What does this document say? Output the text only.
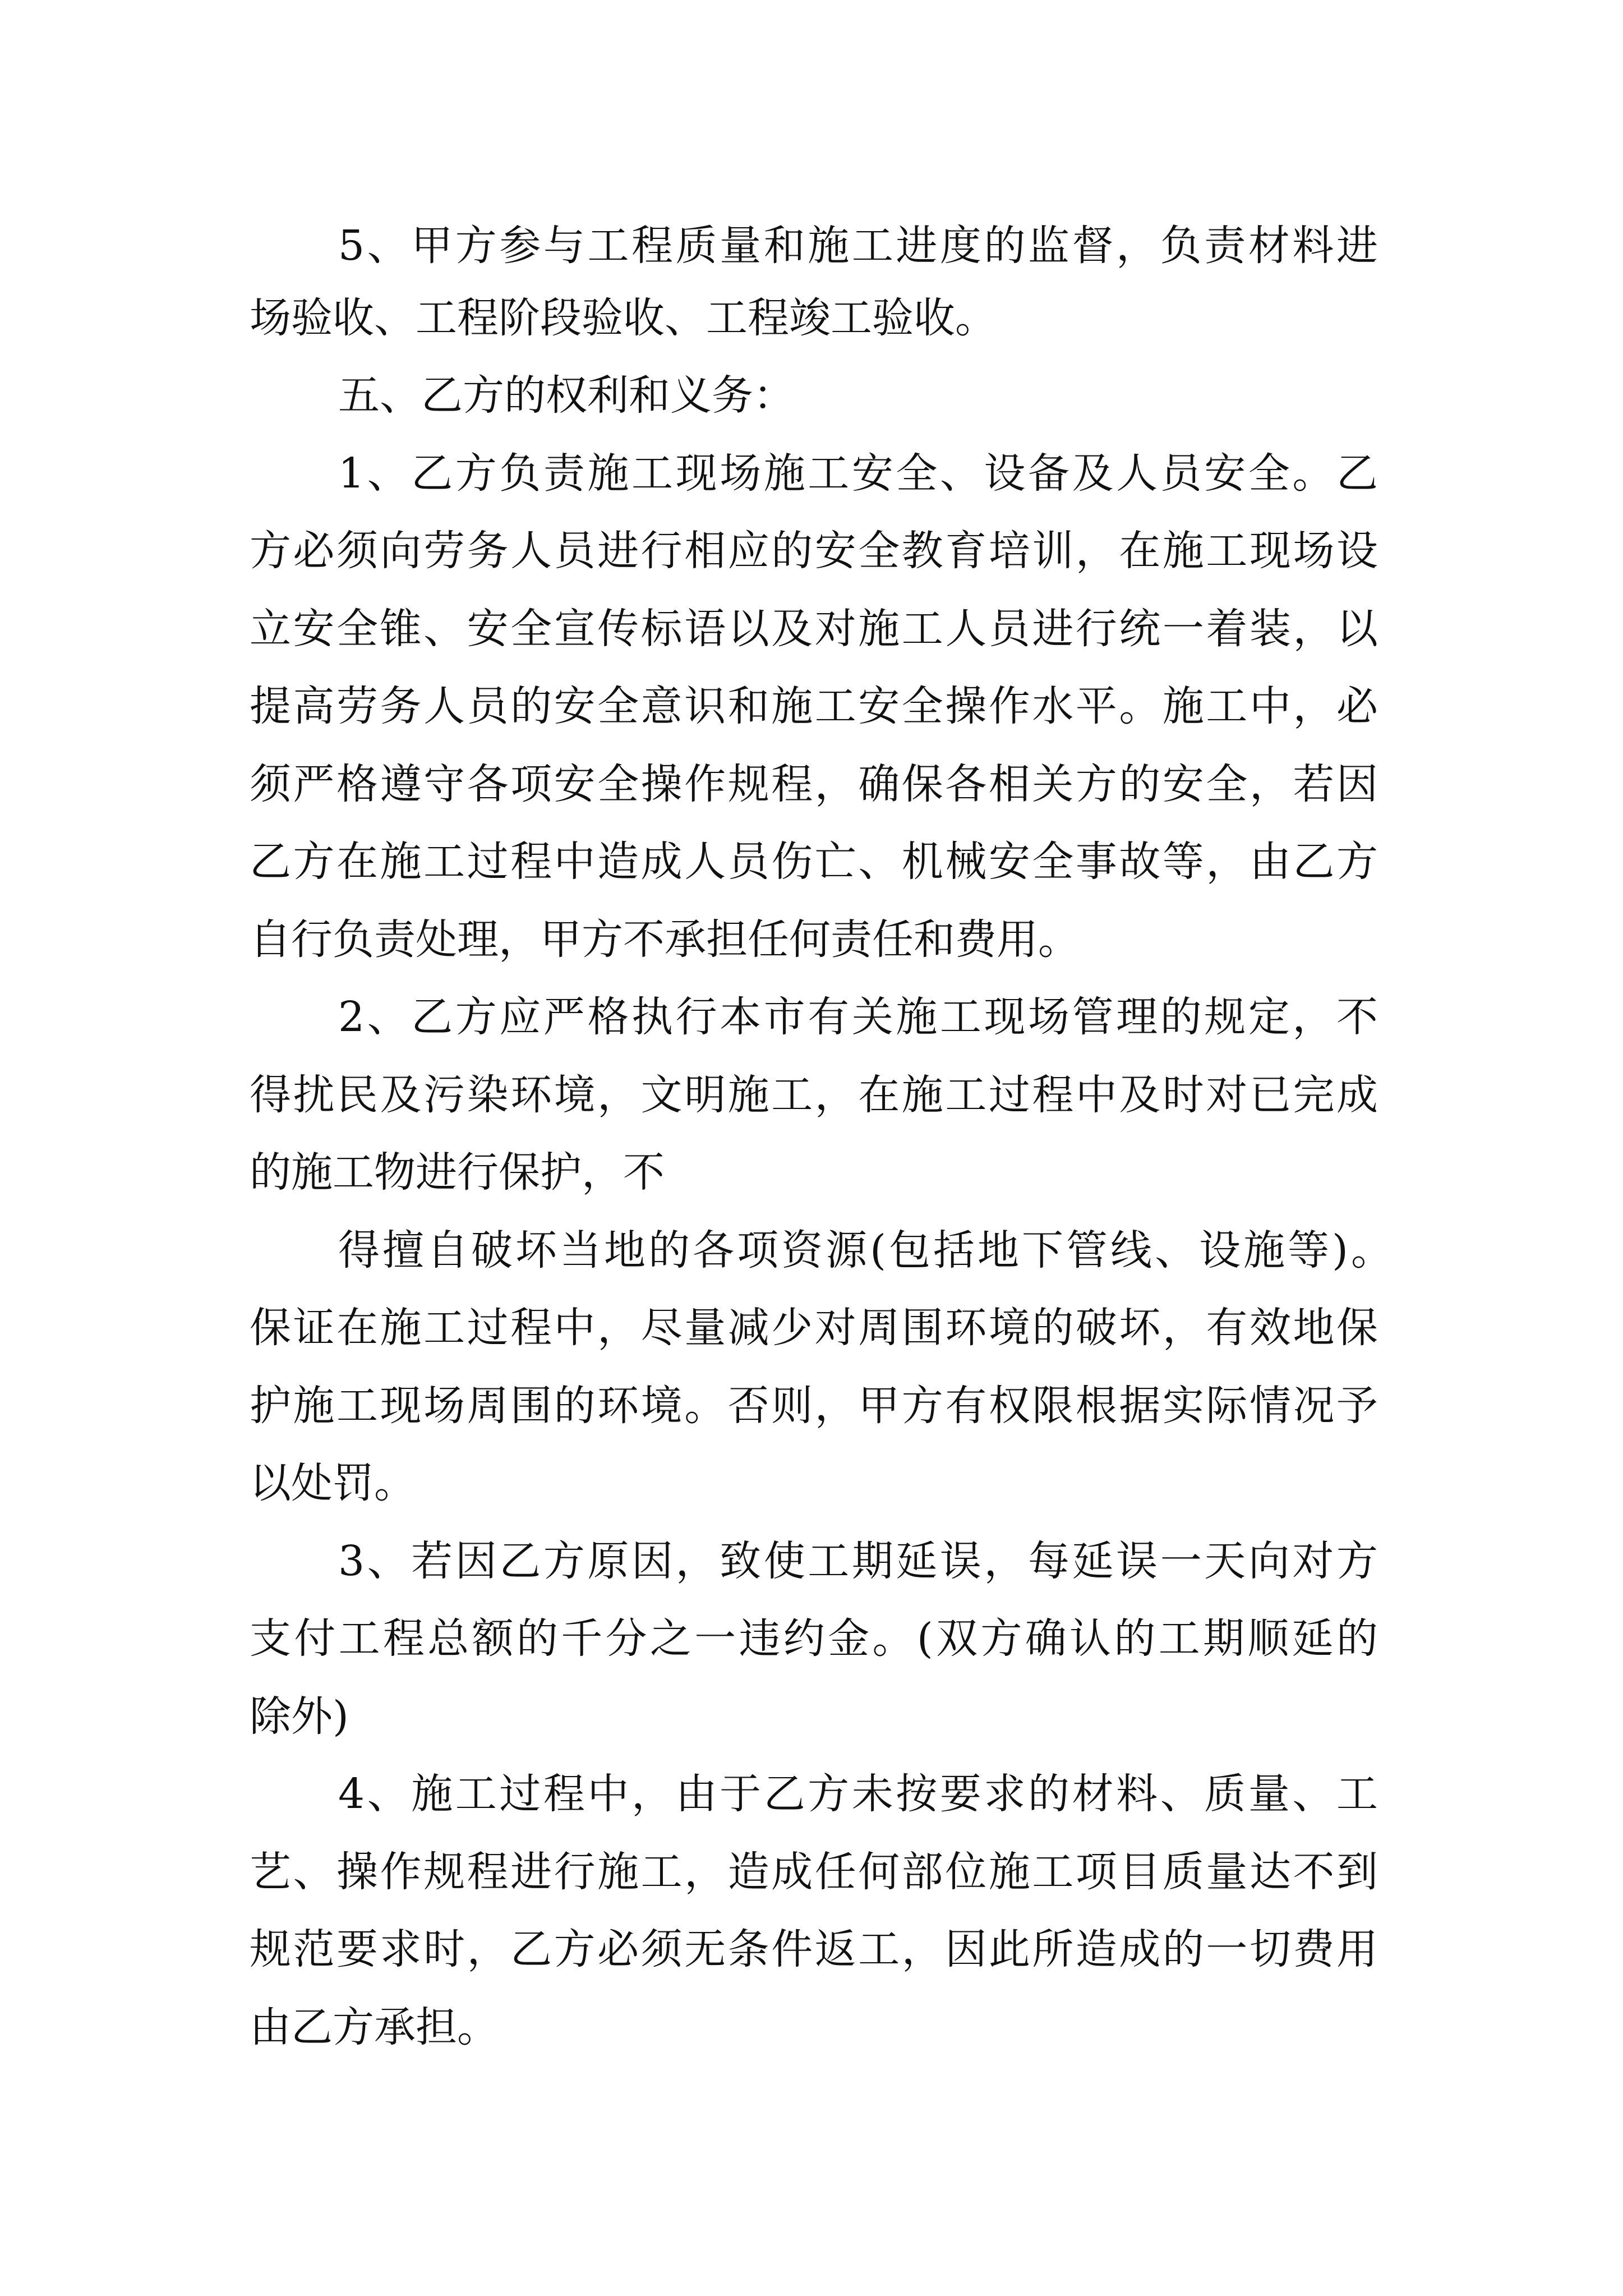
5、甲方参与工程质量和施工进度的监督，负责材料进

场验收、工程阶段验收、工程竣工验收。

五、乙方的权利和义务：

1、乙方负责施工现场施工安全、设备及人员安全。乙

方必须向劳务人员进行相应的安全教育培训，在施工现场设

立安全锥、安全宣传标语以及对施工人员进行统一着装，以

提高劳务人员的安全意识和施工安全操作水平。施工中，必

须严格遵守各项安全操作规程，确保各相关方的安全，若因

乙方在施工过程中造成人员伤亡、机械安全事故等，由乙方

自行负责处理，甲方不承担任何责任和费用。

2、乙方应严格执行本市有关施工现场管理的规定，不

得扰民及污染环境，文明施工，在施工过程中及时对已完成

的施工物进行保护，不

得擅自破坏当地的各项资源(包括地下管线、设施等)。

保证在施工过程中，尽量减少对周围环境的破坏，有效地保

护施工现场周围的环境。否则，甲方有权限根据实际情况予

以处罚。

3、若因乙方原因，致使工期延误，每延误一天向对方

支付工程总额的千分之一违约金。(双方确认的工期顺延的

除外)

4、施工过程中，由于乙方未按要求的材料、质量、工

艺、操作规程进行施工，造成任何部位施工项目质量达不到

规范要求时，乙方必须无条件返工，因此所造成的一切费用

由乙方承担。
